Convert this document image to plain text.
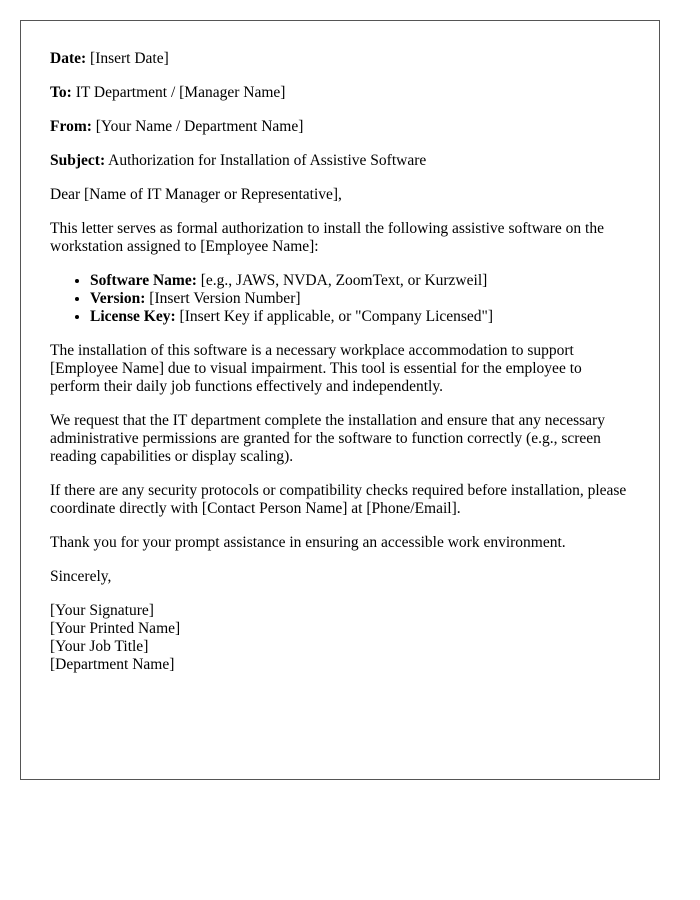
Date: [Insert Date]

To: IT Department / [Manager Name]

From: [Your Name / Department Name]

Subject: Authorization for Installation of Assistive Software

Dear [Name of IT Manager or Representative],

This letter serves as formal authorization to install the following assistive software on the workstation assigned to [Employee Name]:

• Software Name: [e.g., JAWS, NVDA, ZoomText, or Kurzweil]
• Version: [Insert Version Number]
• License Key: [Insert Key if applicable, or "Company Licensed"]

The installation of this software is a necessary workplace accommodation to support [Employee Name] due to visual impairment. This tool is essential for the employee to perform their daily job functions effectively and independently.

We request that the IT department complete the installation and ensure that any necessary administrative permissions are granted for the software to function correctly (e.g., screen reading capabilities or display scaling).

If there are any security protocols or compatibility checks required before installation, please coordinate directly with [Contact Person Name] at [Phone/Email].

Thank you for your prompt assistance in ensuring an accessible work environment.

Sincerely,

[Your Signature]
[Your Printed Name]
[Your Job Title]
[Department Name]
